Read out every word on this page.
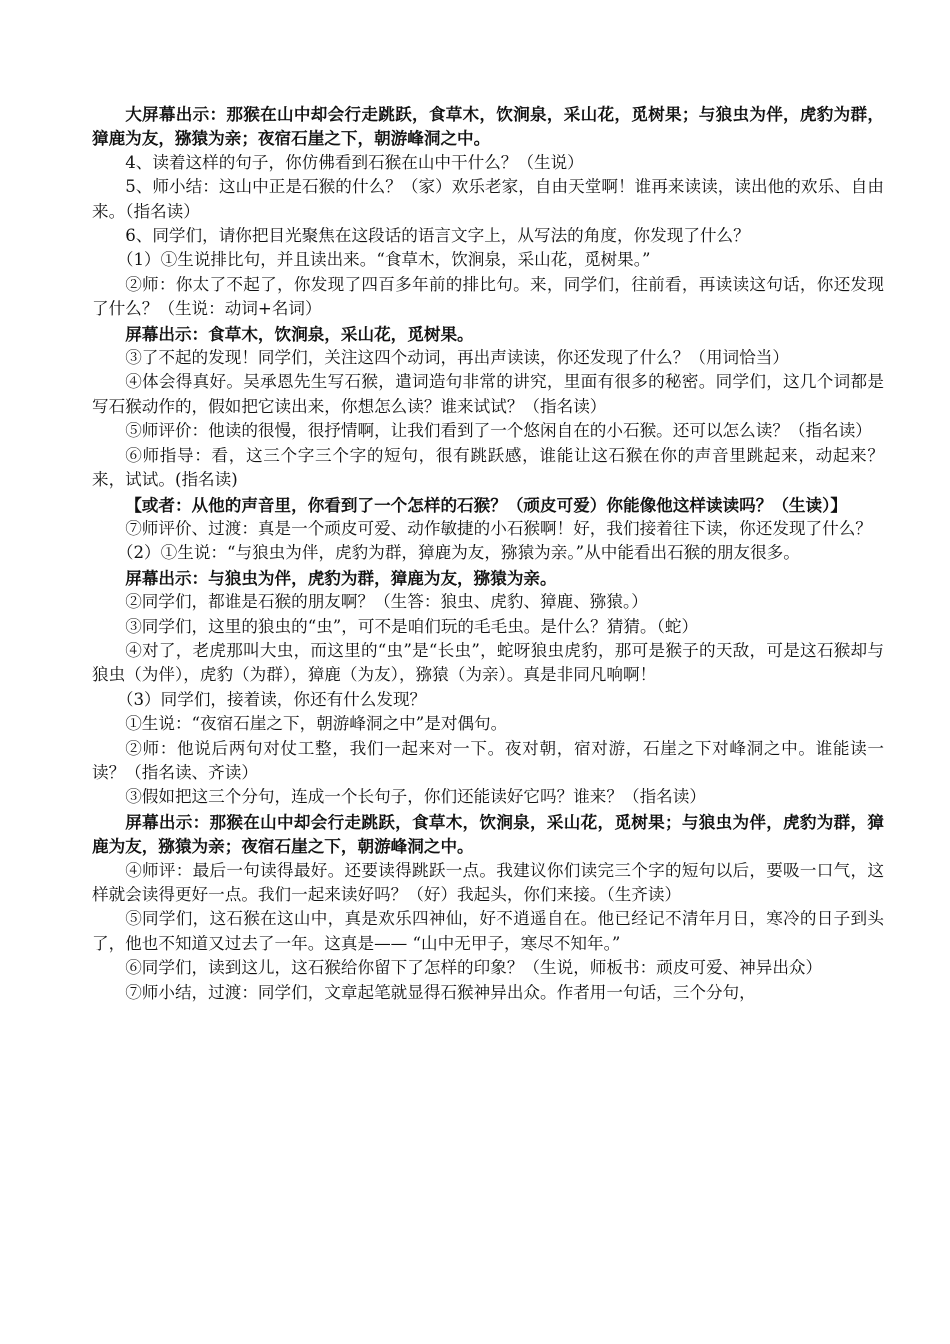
大屏幕出示：那猴在山中却会行走跳跃，食草木，饮涧泉，采山花，觅树果；与狼虫为伴，虎豹为群，獐鹿为友，猕猿为亲；夜宿石崖之下，朝游峰洞之中。

4、读着这样的句子，你仿佛看到石猴在山中干什么？（生说）

5、师小结：这山中正是石猴的什么？（家）欢乐老家，自由天堂啊！谁再来读读，读出他的欢乐、自由来。（指名读）

6、同学们，请你把目光聚焦在这段话的语言文字上，从写法的角度，你发现了什么？

（1）①生说排比句，并且读出来。“食草木，饮涧泉，采山花，觅树果。”

②师：你太了不起了，你发现了四百多年前的排比句。来，同学们，往前看，再读读这句话，你还发现了什么？（生说：动词+名词）

屏幕出示：食草木，饮涧泉，采山花，觅树果。

③了不起的发现！同学们，关注这四个动词，再出声读读，你还发现了什么？（用词恰当）

④体会得真好。吴承恩先生写石猴，遣词造句非常的讲究，里面有很多的秘密。同学们，这几个词都是写石猴动作的，假如把它读出来，你想怎么读？谁来试试？（指名读）

⑤师评价：他读的很慢，很抒情啊，让我们看到了一个悠闲自在的小石猴。还可以怎么读？（指名读）

⑥师指导：看，这三个字三个字的短句，很有跳跃感，谁能让这石猴在你的声音里跳起来，动起来？来，试试。(指名读)

【或者：从他的声音里，你看到了一个怎样的石猴？（顽皮可爱）你能像他这样读读吗？（生读）】

⑦师评价、过渡：真是一个顽皮可爱、动作敏捷的小石猴啊！好，我们接着往下读，你还发现了什么？

（2）①生说：“与狼虫为伴，虎豹为群，獐鹿为友，猕猿为亲。”从中能看出石猴的朋友很多。

屏幕出示：与狼虫为伴，虎豹为群，獐鹿为友，猕猿为亲。

②同学们，都谁是石猴的朋友啊？（生答：狼虫、虎豹、獐鹿、猕猿。）

③同学们，这里的狼虫的“虫”，可不是咱们玩的毛毛虫。是什么？猜猜。（蛇）

④对了，老虎那叫大虫，而这里的“虫”是“长虫”，蛇呀狼虫虎豹，那可是猴子的天敌，可是这石猴却与狼虫（为伴），虎豹（为群），獐鹿（为友），猕猿（为亲）。真是非同凡响啊！

（3）同学们，接着读，你还有什么发现？

①生说：“夜宿石崖之下，朝游峰洞之中”是对偶句。

②师：他说后两句对仗工整，我们一起来对一下。夜对朝，宿对游，石崖之下对峰洞之中。谁能读一读？（指名读、齐读）

③假如把这三个分句，连成一个长句子，你们还能读好它吗？谁来？（指名读）

屏幕出示：那猴在山中却会行走跳跃，食草木，饮涧泉，采山花，觅树果；与狼虫为伴，虎豹为群，獐鹿为友，猕猿为亲；夜宿石崖之下，朝游峰洞之中。

④师评：最后一句读得最好。还要读得跳跃一点。我建议你们读完三个字的短句以后，要吸一口气，这样就会读得更好一点。我们一起来读好吗？（好）我起头，你们来接。（生齐读）

⑤同学们，这石猴在这山中，真是欢乐四神仙，好不逍遥自在。他已经记不清年月日，寒冷的日子到头了，他也不知道又过去了一年。这真是—— “山中无甲子，寒尽不知年。”

⑥同学们，读到这儿，这石猴给你留下了怎样的印象？（生说，师板书：顽皮可爱、神异出众）

⑦师小结，过渡：同学们，文章起笔就显得石猴神异出众。作者用一句话，三个分句，
